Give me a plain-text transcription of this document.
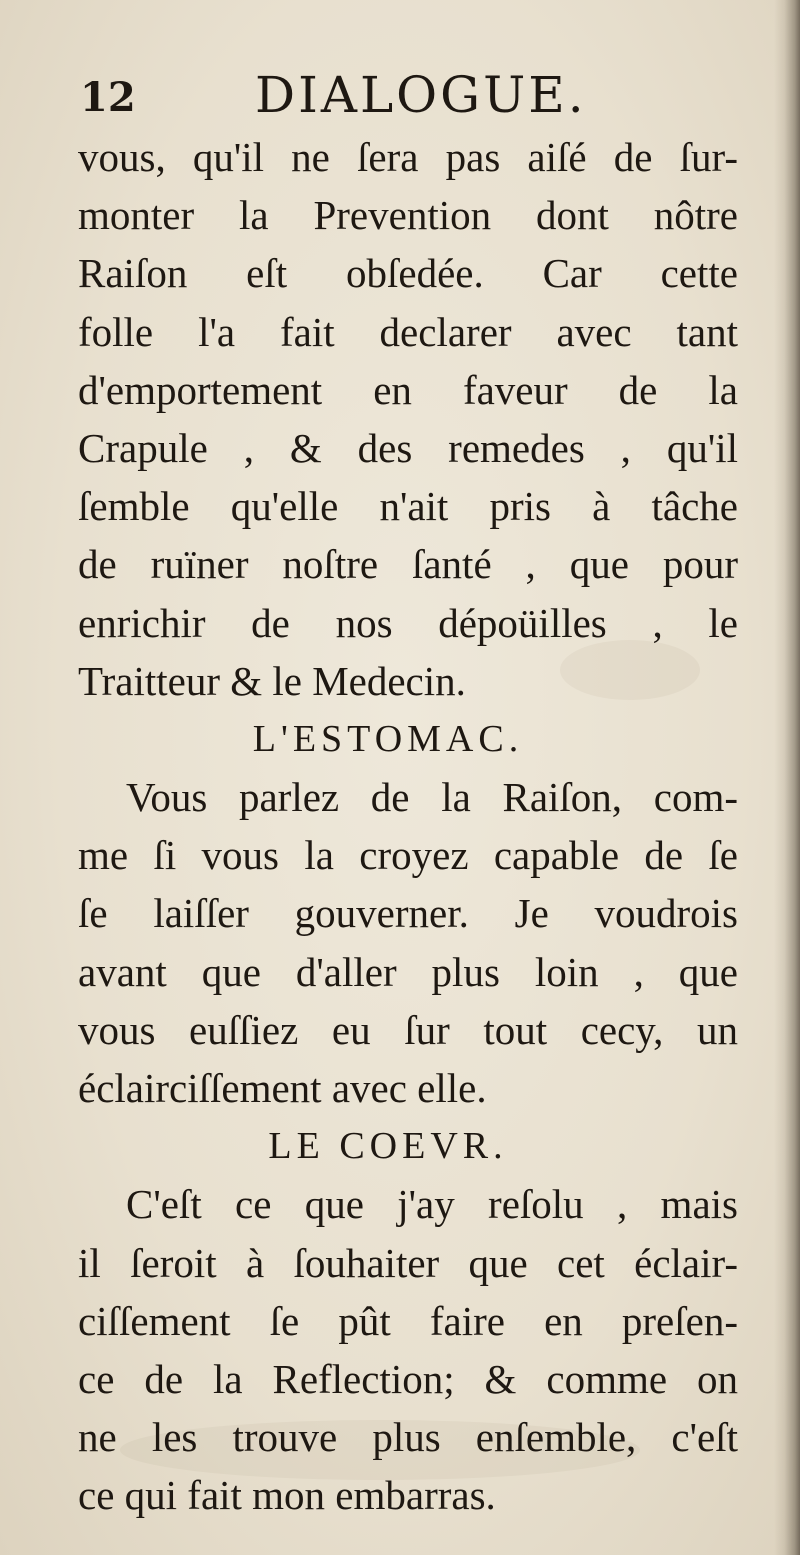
12 DIALOGUE.
vous, qu'il ne ſera pas aiſé de ſur-
monter la Prevention dont nôtre
Raiſon eſt obſedée. Car cette
folle l'a fait declarer avec tant
d'emportement en faveur de la
Crapule , & des remedes , qu'il
ſemble qu'elle n'ait pris à tâche
de ruïner noſtre ſanté , que pour
enrichir de nos dépoüilles , le
Traitteur & le Medecin.
L'ESTOMAC.
Vous parlez de la Raiſon, com-
me ſi vous la croyez capable de ſe
ſe laiſſer gouverner. Je voudrois
avant que d'aller plus loin , que
vous euſſiez eu ſur tout cecy, un
éclairciſſement avec elle.
LE COEVR.
C'eſt ce que j'ay reſolu , mais
il ſeroit à ſouhaiter que cet éclair-
ciſſement ſe pût faire en preſen-
ce de la Reflection; & comme on
ne les trouve plus enſemble, c'eſt
ce qui fait mon embarras.
